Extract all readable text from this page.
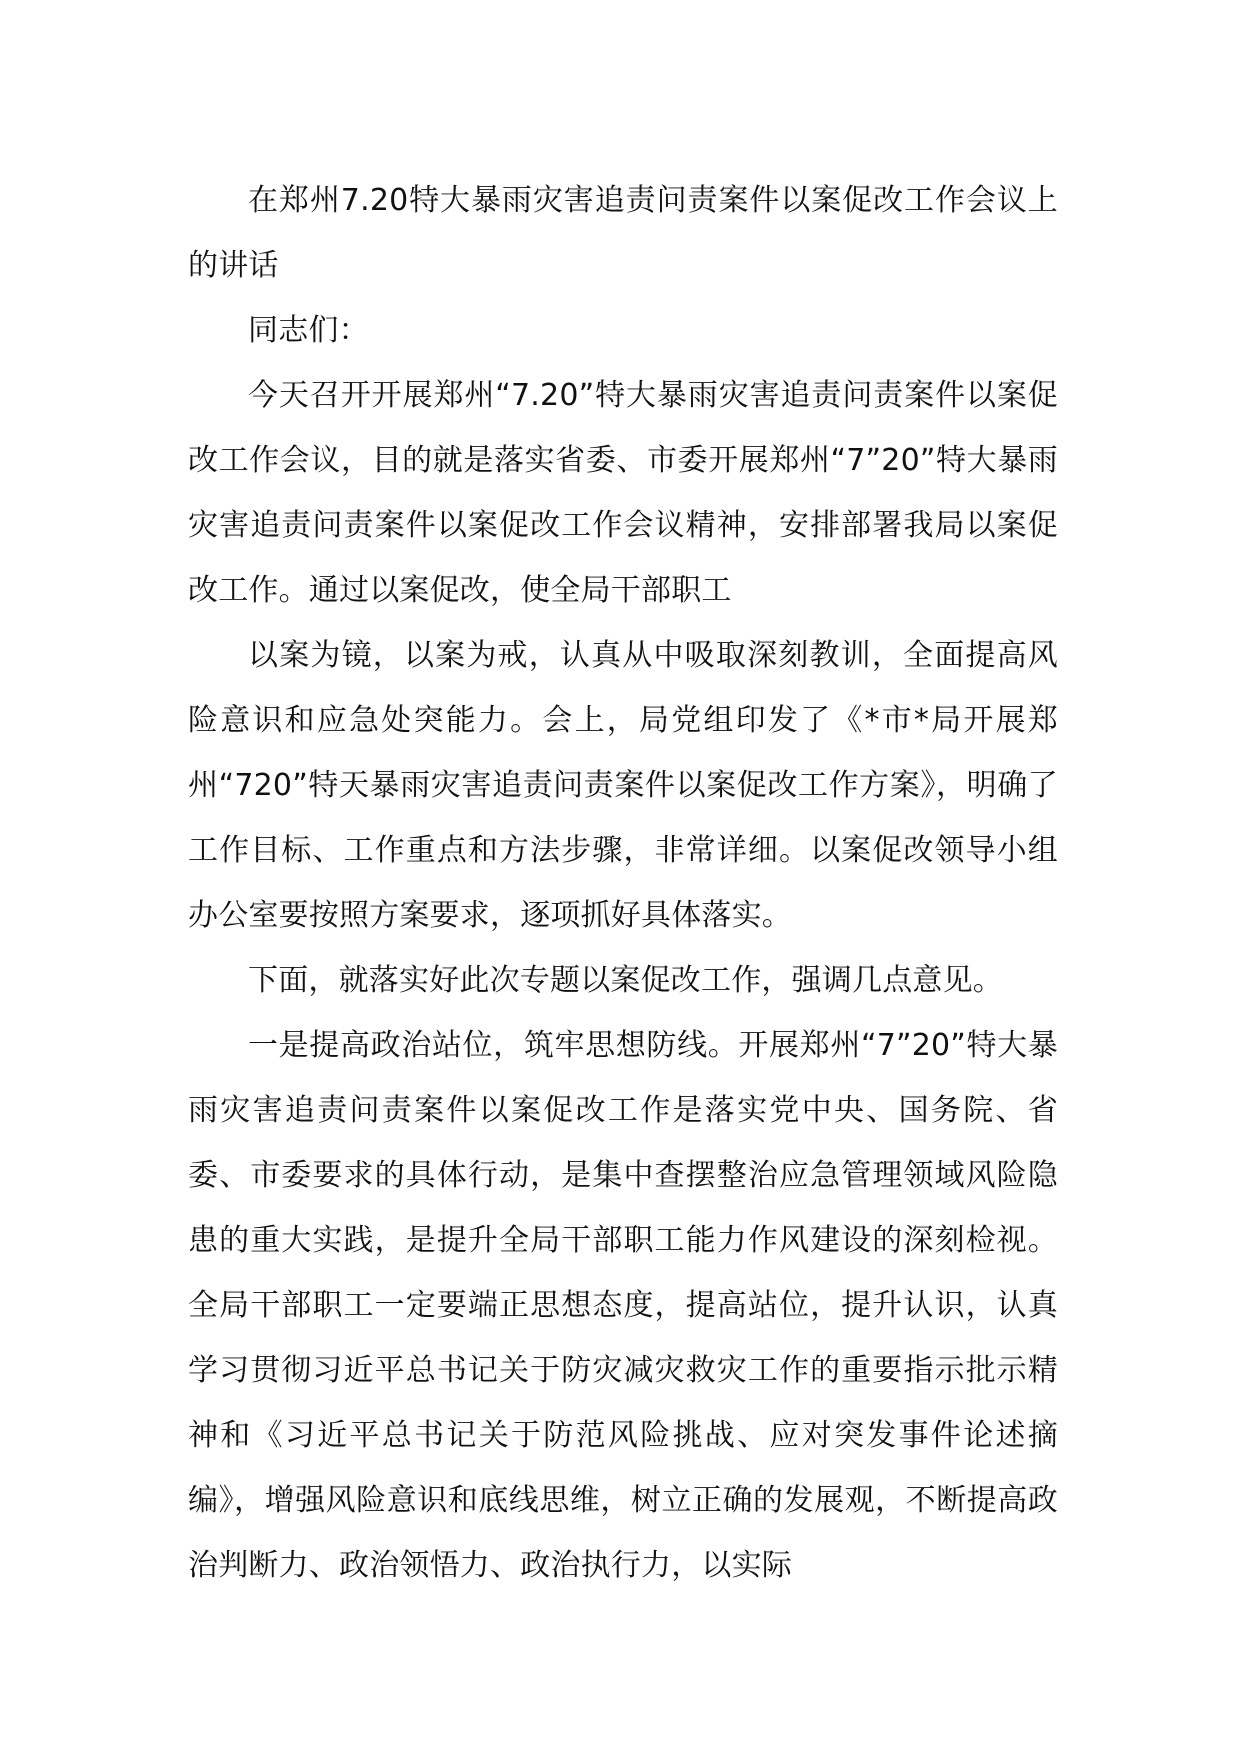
在郑州7.20特大暴雨灾害追责问责案件以案促改工作会议上的讲话

同志们：

今天召开开展郑州“7.20”特大暴雨灾害追责问责案件以案促改工作会议，目的就是落实省委、市委开展郑州“7”20”特大暴雨灾害追责问责案件以案促改工作会议精神，安排部署我局以案促改工作。通过以案促改，使全局干部职工

以案为镜，以案为戒，认真从中吸取深刻教训，全面提高风险意识和应急处突能力。会上，局党组印发了《*市*局开展郑州“720”特天暴雨灾害追责问责案件以案促改工作方案》，明确了工作目标、工作重点和方法步骤，非常详细。以案促改领导小组办公室要按照方案要求，逐项抓好具体落实。

下面，就落实好此次专题以案促改工作，强调几点意见。

一是提高政治站位，筑牢思想防线。开展郑州“7”20”特大暴雨灾害追责问责案件以案促改工作是落实党中央、国务院、省委、市委要求的具体行动，是集中查摆整治应急管理领域风险隐患的重大实践，是提升全局干部职工能力作风建设的深刻检视。全局干部职工一定要端正思想态度，提高站位，提升认识，认真学习贯彻习近平总书记关于防灾减灾救灾工作的重要指示批示精神和《习近平总书记关于防范风险挑战、应对突发事件论述摘编》，增强风险意识和底线思维，树立正确的发展观，不断提高政治判断力、政治领悟力、政治执行力，以实际
